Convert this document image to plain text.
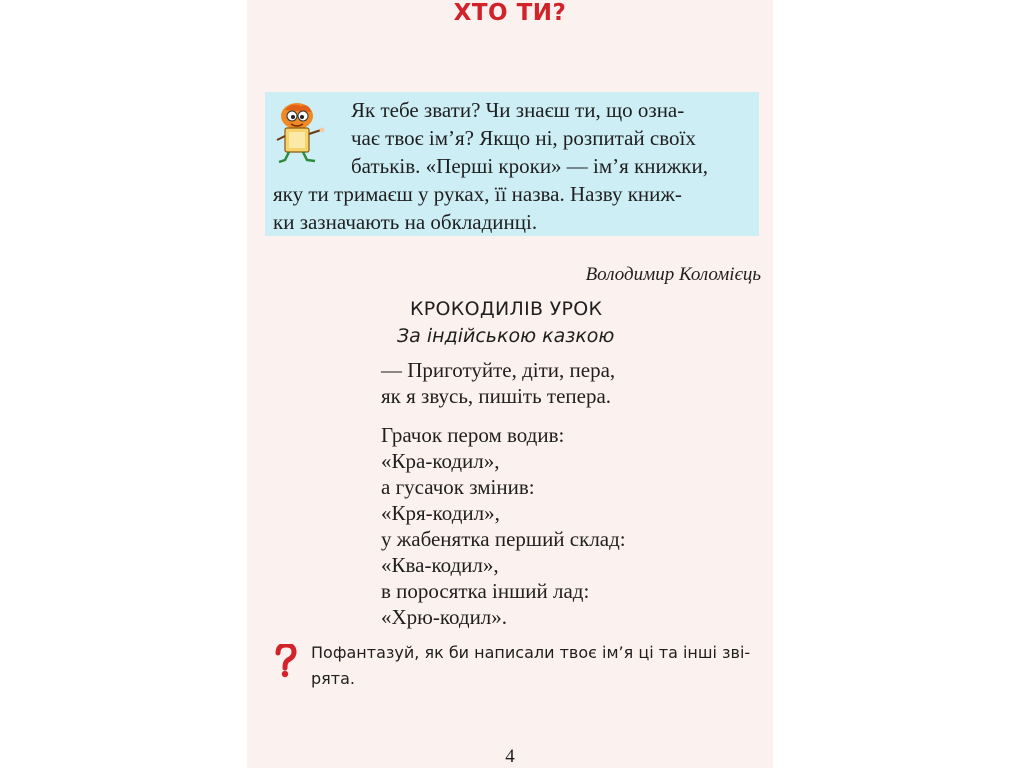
ХТО ТИ?
Як тебе звати? Чи знаєш ти, що озна-
чає твоє ім’я? Якщо ні, розпитай своїх
батьків. «Перші кроки» — ім’я книжки,
яку ти тримаєш у руках, її назва. Назву книж-
ки зазначають на обкладинці.
Володимир Коломієць
КРОКОДИЛІВ УРОК
За індійською казкою
— Приготуйте, діти, пера,
як я звусь, пишіть тепера.
Грачок пером водив:
«Кра-кодил»,
а гусачок змінив:
«Кря-кодил»,
у жабенятка перший склад:
«Ква-кодил»,
в поросятка інший лад:
«Хрю-кодил».
Пофантазуй, як би написали твоє ім’я ці та інші зві-
рята.
4
